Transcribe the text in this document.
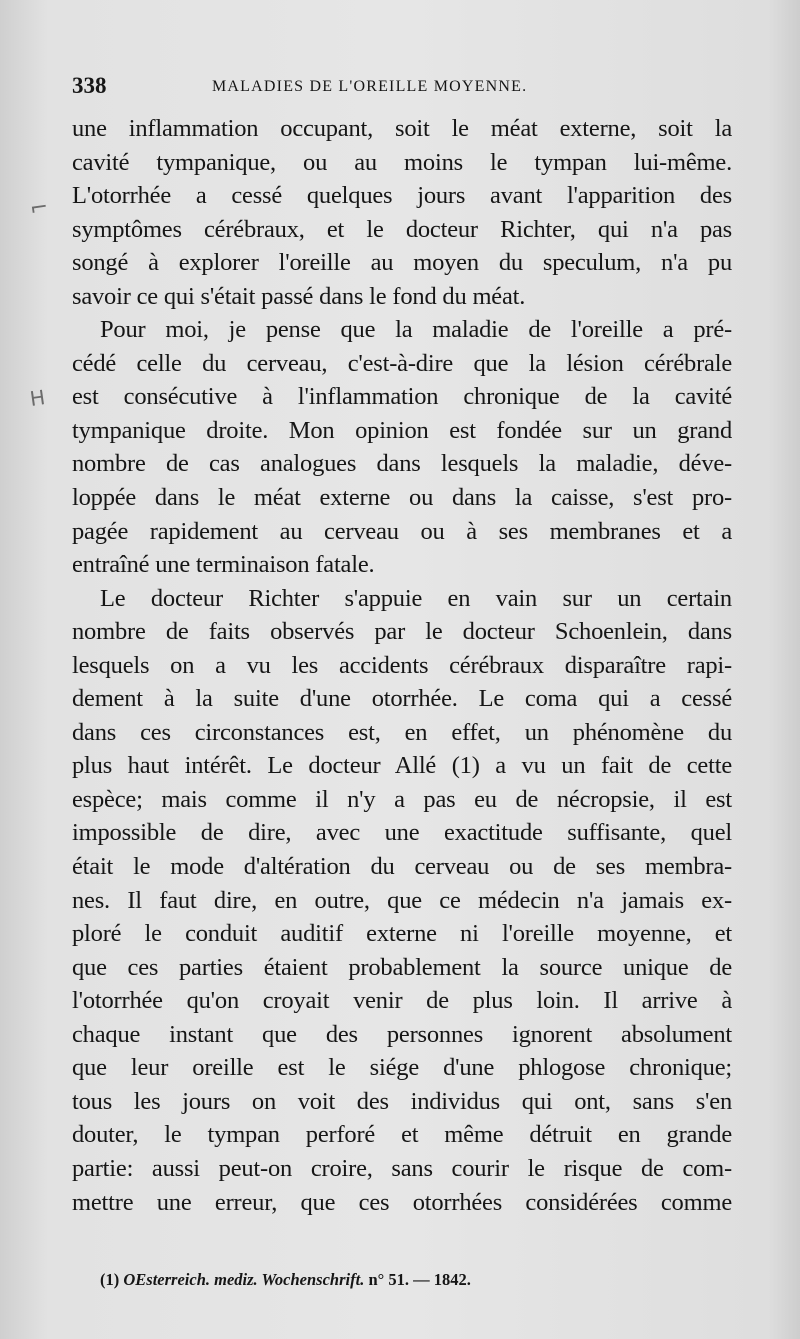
338	MALADIES DE L'OREILLE MOYENNE.
⌐
H
une inflammation occupant, soit le méat externe, soit la
cavité tympanique, ou au moins le tympan lui-même.
L'otorrhée a cessé quelques jours avant l'apparition des
symptômes cérébraux, et le docteur Richter, qui n'a pas
songé à explorer l'oreille au moyen du speculum, n'a pu
savoir ce qui s'était passé dans le fond du méat.
Pour moi, je pense que la maladie de l'oreille a pré-
cédé celle du cerveau, c'est-à-dire que la lésion cérébrale
est consécutive à l'inflammation chronique de la cavité
tympanique droite. Mon opinion est fondée sur un grand
nombre de cas analogues dans lesquels la maladie, déve-
loppée dans le méat externe ou dans la caisse, s'est pro-
pagée rapidement au cerveau ou à ses membranes et a
entraîné une terminaison fatale.
Le docteur Richter s'appuie en vain sur un certain
nombre de faits observés par le docteur Schoenlein, dans
lesquels on a vu les accidents cérébraux disparaître rapi-
dement à la suite d'une otorrhée. Le coma qui a cessé
dans ces circonstances est, en effet, un phénomène du
plus haut intérêt. Le docteur Allé (1) a vu un fait de cette
espèce; mais comme il n'y a pas eu de nécropsie, il est
impossible de dire, avec une exactitude suffisante, quel
était le mode d'altération du cerveau ou de ses membra-
nes. Il faut dire, en outre, que ce médecin n'a jamais ex-
ploré le conduit auditif externe ni l'oreille moyenne, et
que ces parties étaient probablement la source unique de
l'otorrhée qu'on croyait venir de plus loin. Il arrive à
chaque instant que des personnes ignorent absolument
que leur oreille est le siége d'une phlogose chronique;
tous les jours on voit des individus qui ont, sans s'en
douter, le tympan perforé et même détruit en grande
partie: aussi peut-on croire, sans courir le risque de com-
mettre une erreur, que ces otorrhées considérées comme
(1) OEsterreich. mediz. Wochenschrift. n° 51. — 1842.
